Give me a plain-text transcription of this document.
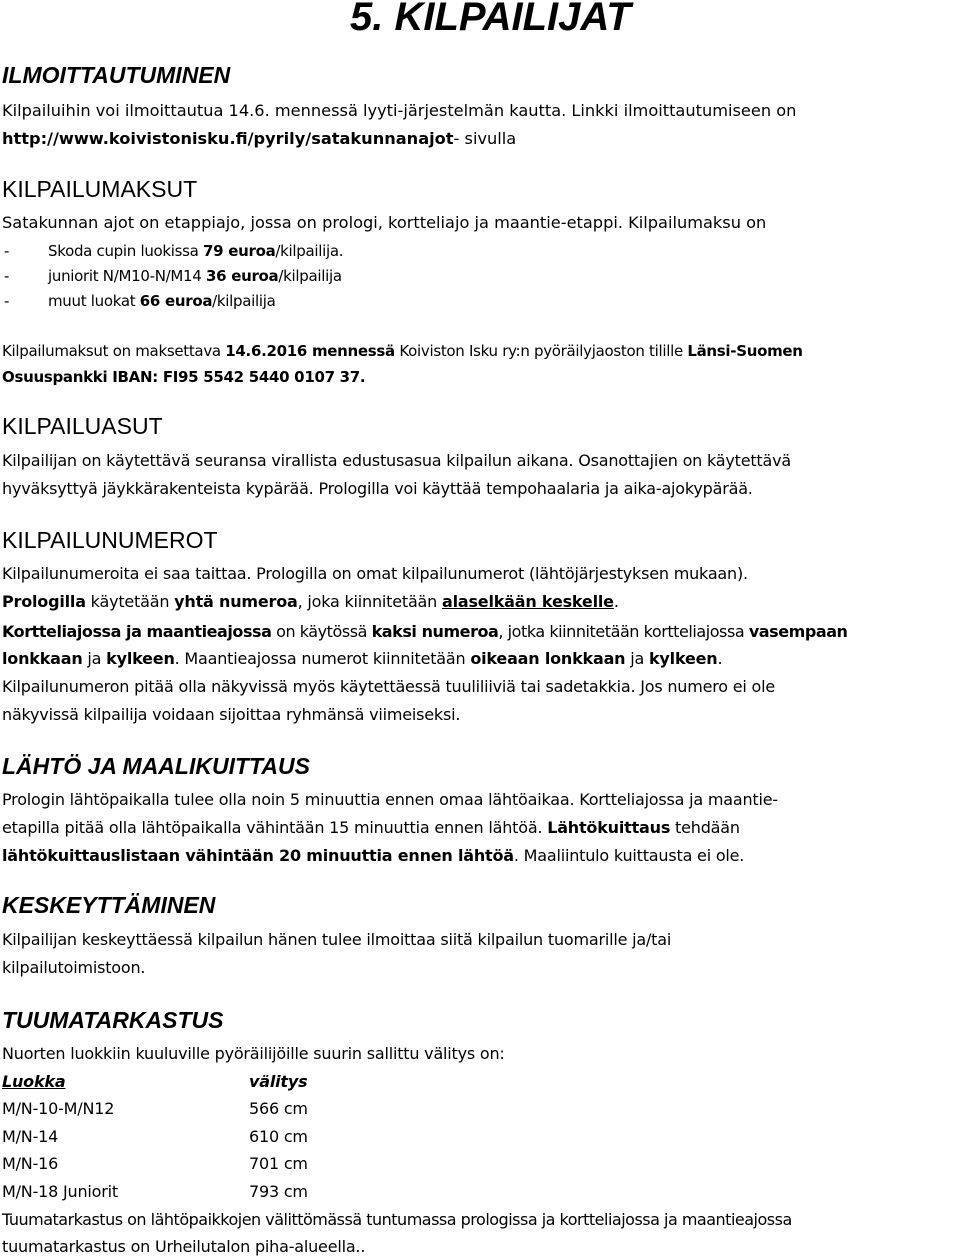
5. KILPAILIJAT
ILMOITTAUTUMINEN
Kilpailuihin voi ilmoittautua 14.6. mennessä lyyti-järjestelmän kautta. Linkki ilmoittautumiseen on
http://www.koivistonisku.fi/pyrily/satakunnanajot- sivulla
KILPAILUMAKSUT
Satakunnan ajot on etappiajo, jossa on prologi, kortteliajo ja maantie-etappi. Kilpailumaksu on
-	Skoda cupin luokissa 79 euroa/kilpailija.
-	juniorit N/M10-N/M14 36 euroa/kilpailija
-	muut luokat 66 euroa/kilpailija
Kilpailumaksut on maksettava 14.6.2016 mennessä Koiviston Isku ry:n pyöräilyjaoston tilille Länsi-Suomen
Osuuspankki IBAN: FI95 5542 5440 0107 37.
KILPAILUASUT
Kilpailijan on käytettävä seuransa virallista edustusasua kilpailun aikana. Osanottajien on käytettävä
hyväksyttyä jäykkärakenteista kypärää. Prologilla voi käyttää tempohaalaria ja aika-ajokypärää.
KILPAILUNUMEROT
Kilpailunumeroita ei saa taittaa. Prologilla on omat kilpailunumerot (lähtöjärjestyksen mukaan).
Prologilla käytetään yhtä numeroa, joka kiinnitetään alaselkään keskelle.
Kortteliajossa ja maantieajossa on käytössä kaksi numeroa, jotka kiinnitetään kortteliajossa vasempaan
lonkkaan ja kylkeen. Maantieajossa numerot kiinnitetään oikeaan lonkkaan ja kylkeen.
Kilpailunumeron pitää olla näkyvissä myös käytettäessä tuuliliiviä tai sadetakkia. Jos numero ei ole
näkyvissä kilpailija voidaan sijoittaa ryhmänsä viimeiseksi.
LÄHTÖ JA MAALIKUITTAUS
Prologin lähtöpaikalla tulee olla noin 5 minuuttia ennen omaa lähtöaikaa. Kortteliajossa ja maantie-
etapilla pitää olla lähtöpaikalla vähintään 15 minuuttia ennen lähtöä. Lähtökuittaus tehdään
lähtökuittauslistaan vähintään 20 minuuttia ennen lähtöä. Maaliintulo kuittausta ei ole.
KESKEYTTÄMINEN
Kilpailijan keskeyttäessä kilpailun hänen tulee ilmoittaa siitä kilpailun tuomarille ja/tai
kilpailutoimistoon.
TUUMATARKASTUS
Nuorten luokkiin kuuluville pyöräilijöille suurin sallittu välitys on:
Luokka	välitys
M/N-10-M/N12	566 cm
M/N-14	610 cm
M/N-16	701 cm
M/N-18 Juniorit	793 cm
Tuumatarkastus on lähtöpaikkojen välittömässä tuntumassa prologissa ja kortteliajossa ja maantieajossa
tuumatarkastus on Urheilutalon piha-alueella..
